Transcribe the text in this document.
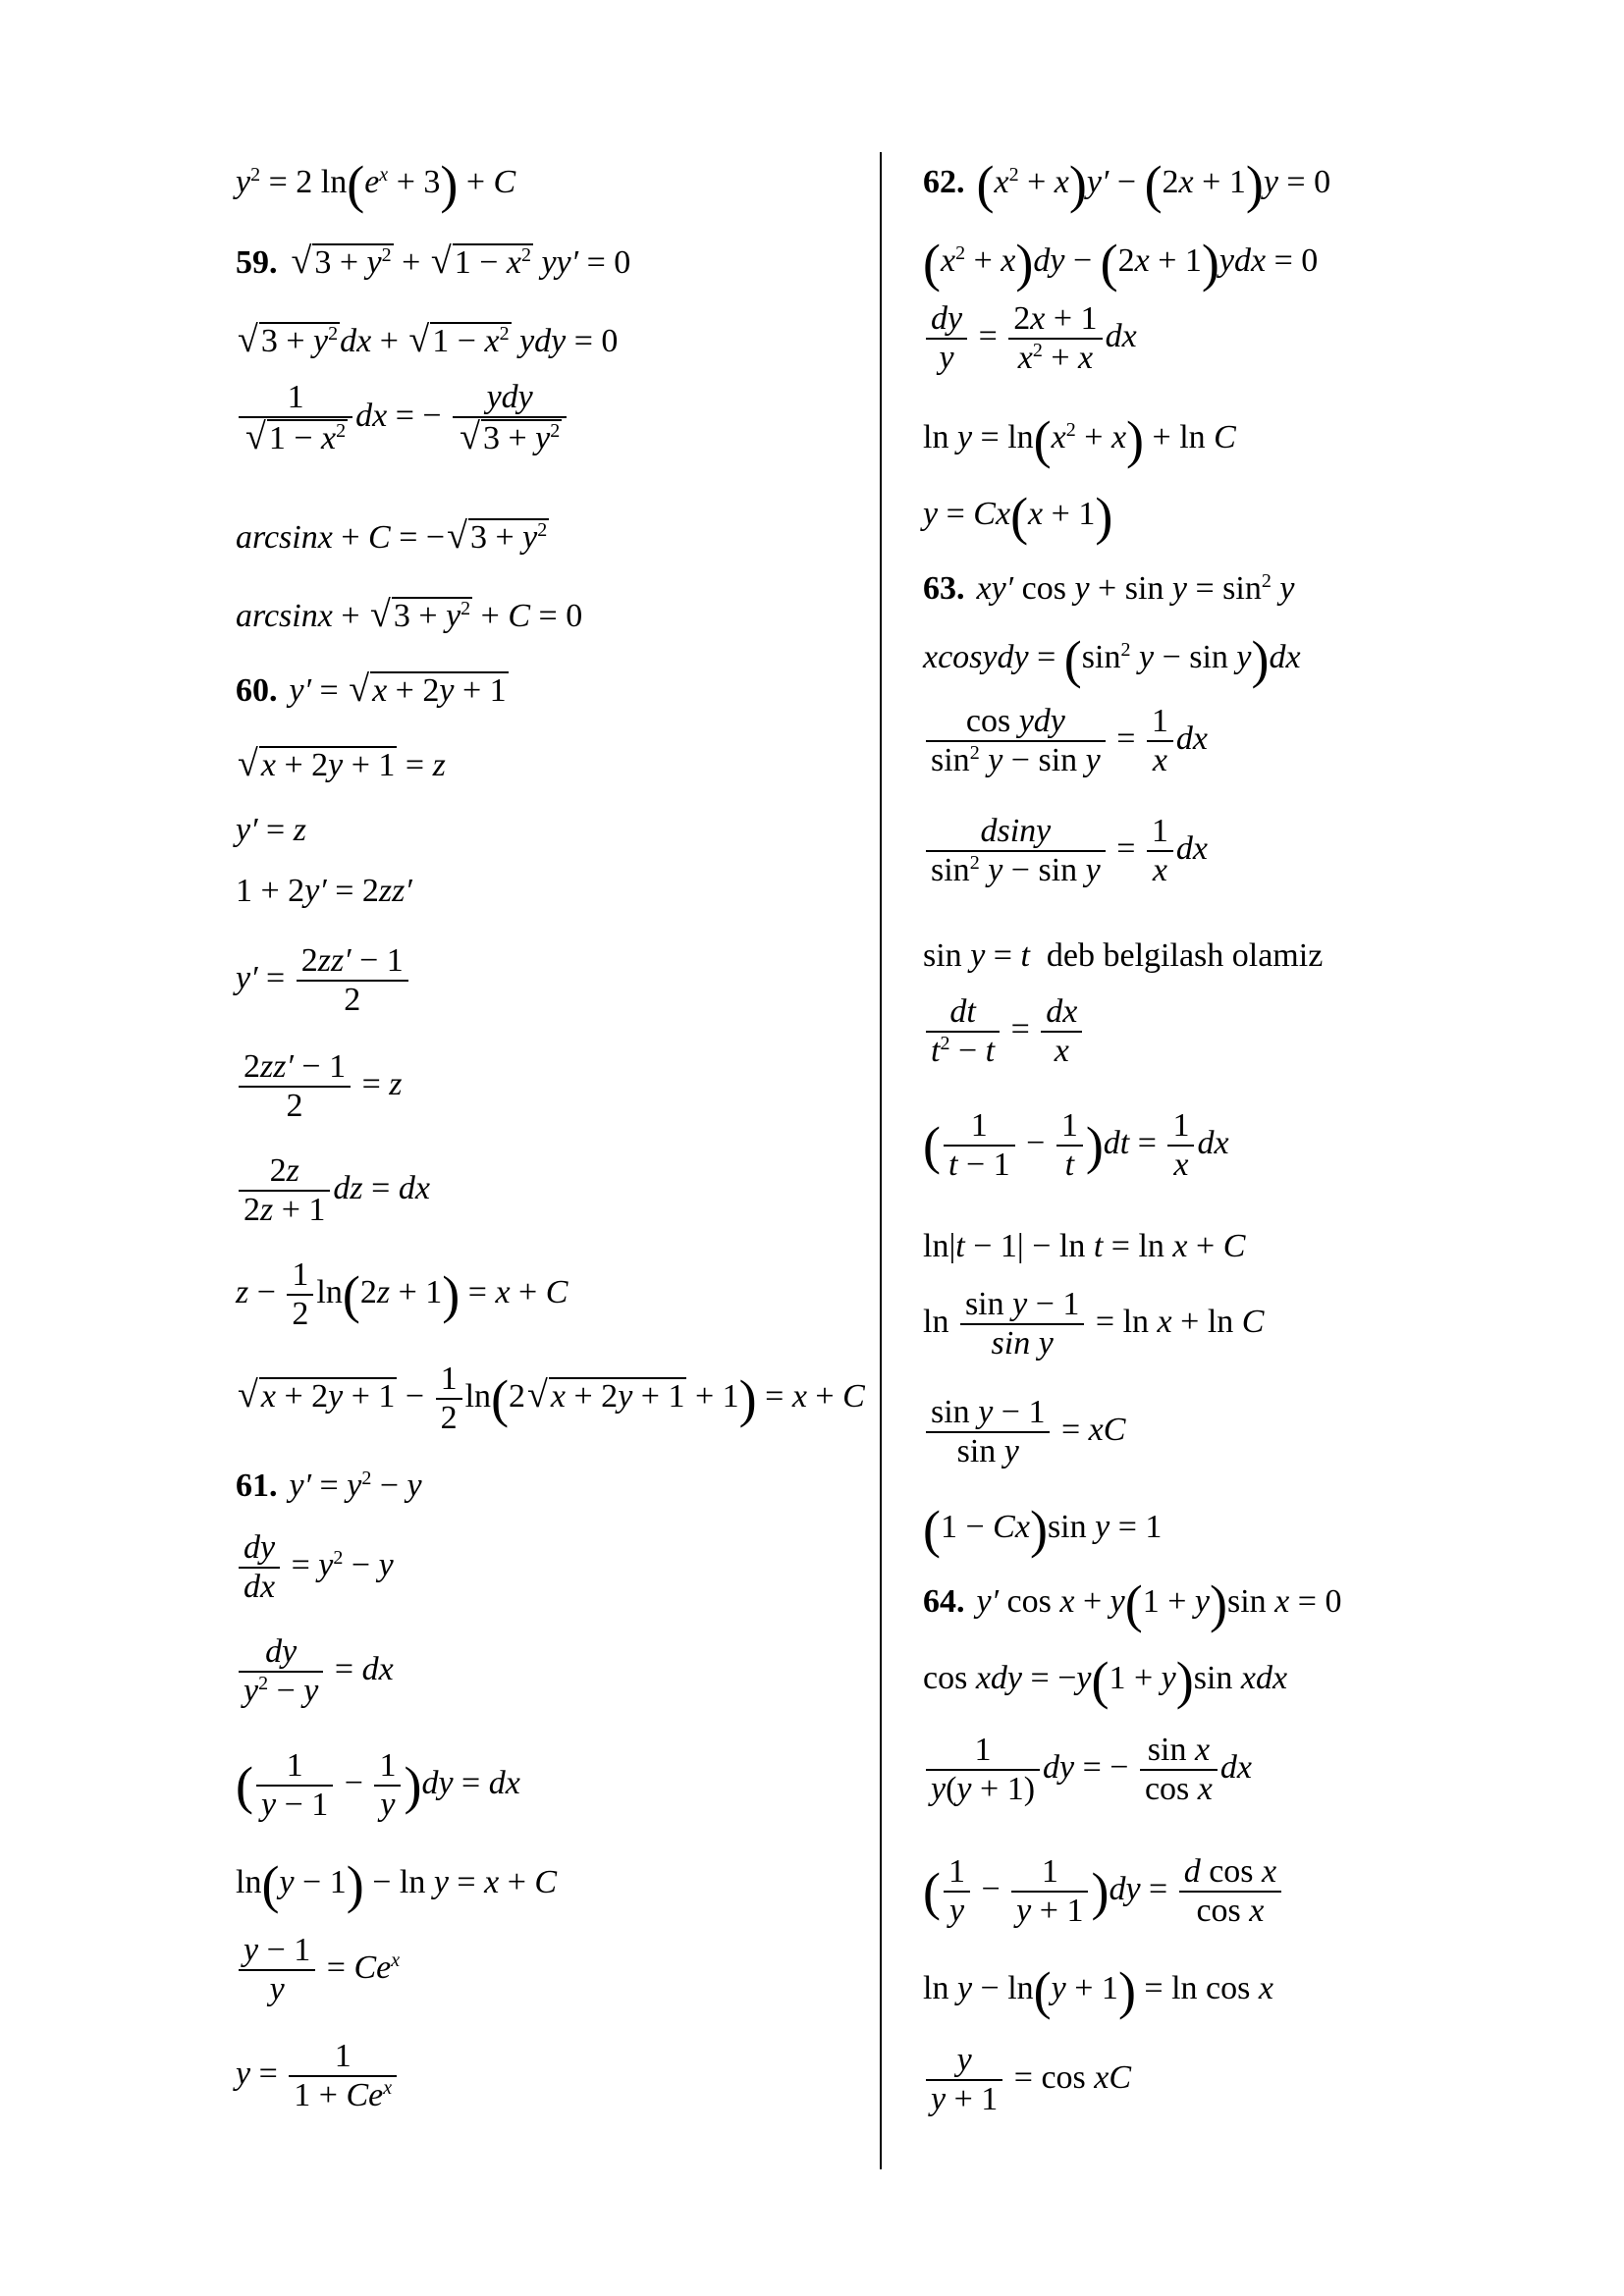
$y^2 = 2$ $\ln(e^x + 3) + C$
59.√ $3 + y^2$ + √ $1 - x^2$ yy′ = 0
√ $3 + y^2dx$ + √ $1 - x^2$ ydy = 0
1
√ $1 - x^2$ dx = − ydy
√ $3 + y^2$
arcsinx + C = −√ $3 + y^2$
arcsinx + √ $3 + y^2 + C = 0$
60. y′ = √ x + 2y + 1
√ x + 2y + 1 = z
y′ = z
1 + 2y′ = 2zz′
$y' = \frac{2zz' - 1}{2}$
$\frac{2zz' - 1}{2} = z$
$\frac{2z}{2z + 1}$ dz = dx
$z - \frac{1}{2} \ln(2z + 1) = x + C$
√ $x + 2y + 1 - \frac{1}{2} \ln(2√$ x + 2y + 1 + 1) = x + C
61. $y' = y^2 - y$
$\frac{dy}{dx} = y^2 - y$
$\frac{dy}{y^2 - y}$ = dx
( $\frac{1}{y - 1} - \frac{1}{y} )dy$ = dx
ln(y − 1) − ln y = x + C
$\frac{y - 1}{y} = Ce^x$
$y = \frac{1}{1 + Ce^x}$
62. $(x^2 + x)y' - (2x + 1)y = 0$
$(x^2 + x)dy - (2x + 1)ydx = 0$
$\frac{dy}{y} = \frac{2x + 1}{x^2 + x}$ dx
$\ln y = \ln(x^2 + x) + \ln C$
y = Cx(x + 1)
63. xy′ $\cos y + \sin y = \sin^2 y$
xcosydy = ($\sin^2$ y − sin y)dx
$\frac{\text{cos ydy}}{\sin^2 y - \sin y} = \frac{1}{x}$ dx
$\frac{dsiny}{\sin^2 y - \sin y} = \frac{1}{x}$ dx
sin y = t deb belgilash olamiz
$\frac{dt}{t^2 - t} = \frac{dx}{x}$
( $\frac{1}{t - 1} - \frac{1}{t} )dt = \frac{1}{x}$ dx
ln|t − 1| − ln t = ln x + C
$\ln \frac{\text{sin y − 1}}{\text{sin y}} = \ln x + \ln C$
$\frac{\text{sin y − 1}}{\text{sin y}}$ = xC
(1 − Cx)sin y = 1
64. y′ cos x + y(1 + y)sin x = 0
cos xdy = −y(1 + y)sin xdx
$\frac{1}{y(y + 1)}$ dy = − $\frac{\text{sin x}}{\text{cos x}}$ dx
( $\frac{1}{y} - \frac{1}{y + 1} )dy = \frac{\text{d cos x}}{\text{cos x}}$
ln y − ln(y + 1) = ln cos x
$\frac{y}{y + 1} = \cos$ xC
